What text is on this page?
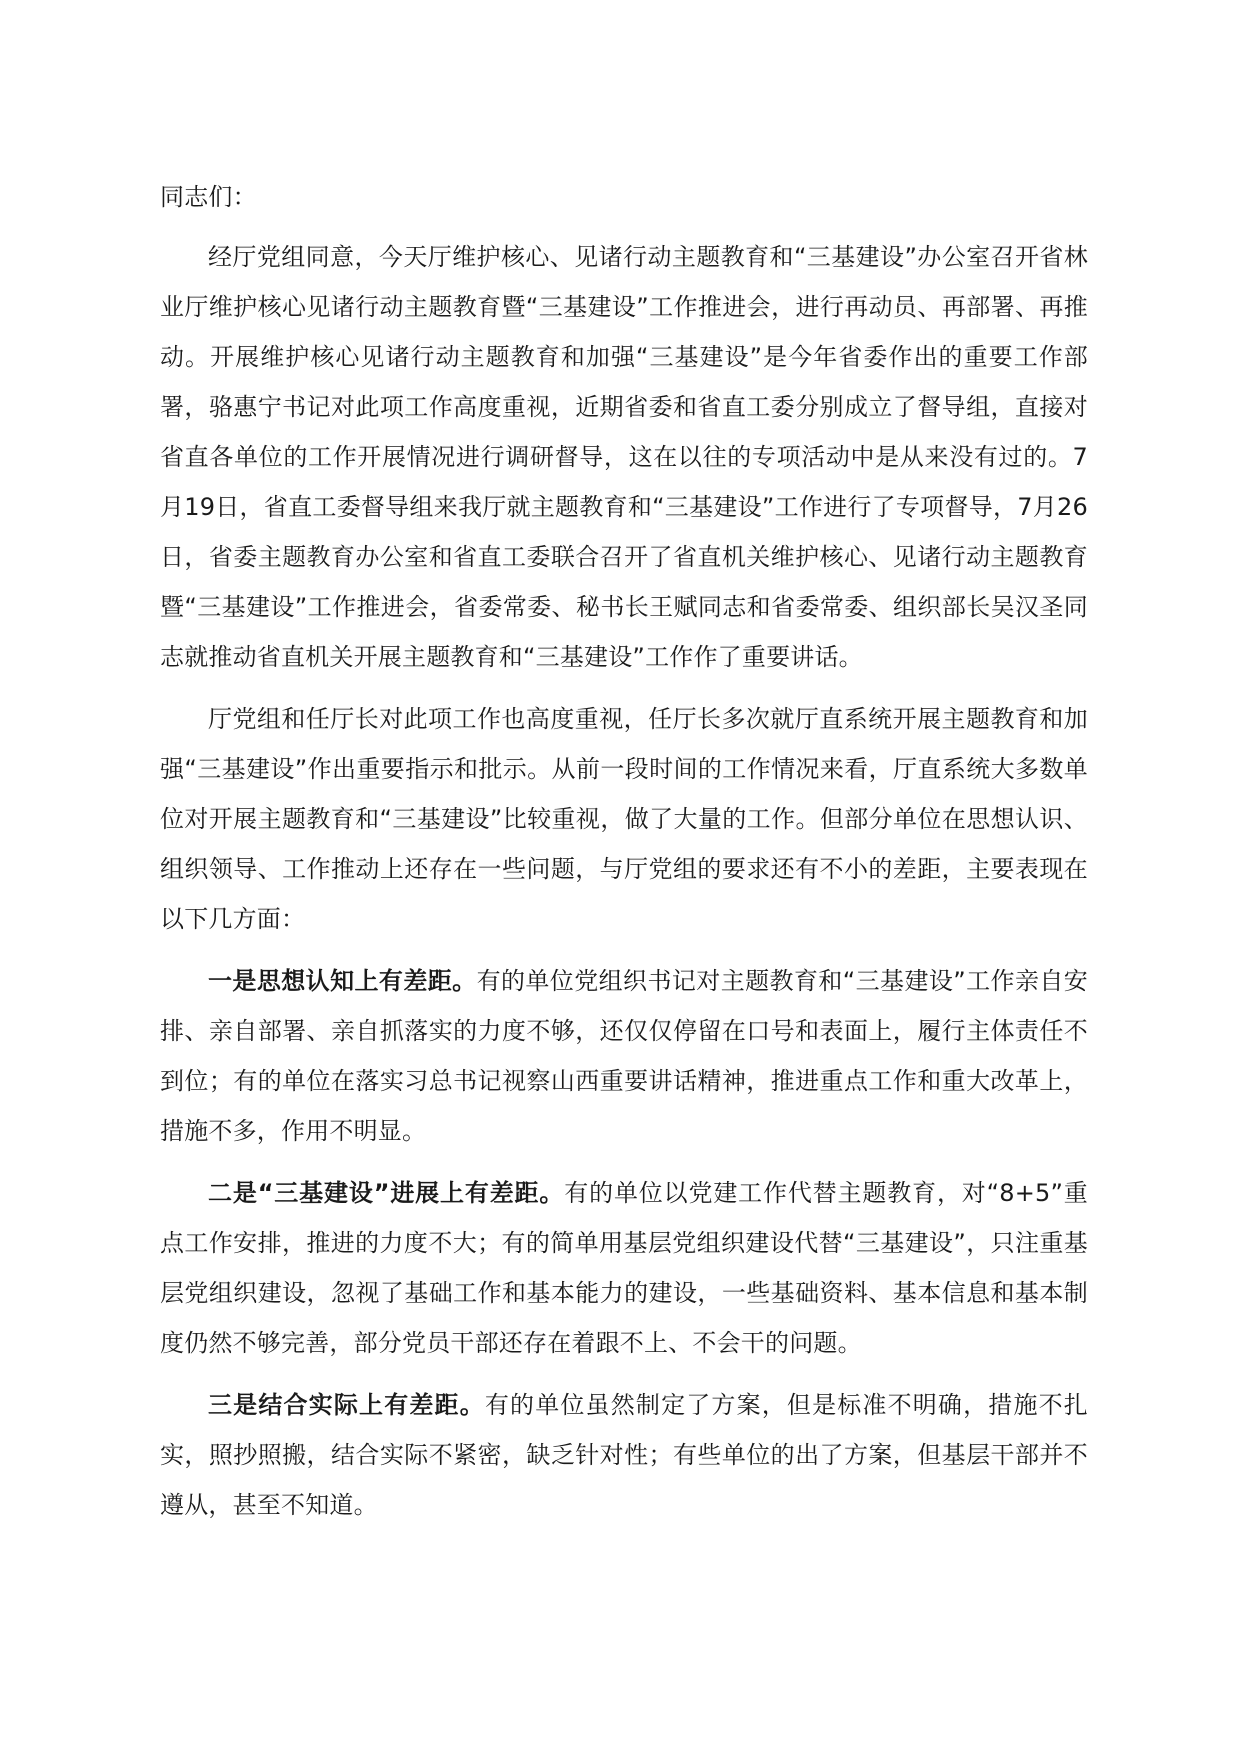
同志们：

经厅党组同意，今天厅维护核心、见诸行动主题教育和“三基建设”办公室召开省林业厅维护核心见诸行动主题教育暨“三基建设”工作推进会，进行再动员、再部署、再推动。开展维护核心见诸行动主题教育和加强“三基建设”是今年省委作出的重要工作部署，骆惠宁书记对此项工作高度重视，近期省委和省直工委分别成立了督导组，直接对省直各单位的工作开展情况进行调研督导，这在以往的专项活动中是从来没有过的。7月19日，省直工委督导组来我厅就主题教育和“三基建设”工作进行了专项督导，7月26日，省委主题教育办公室和省直工委联合召开了省直机关维护核心、见诸行动主题教育暨“三基建设”工作推进会，省委常委、秘书长王赋同志和省委常委、组织部长吴汉圣同志就推动省直机关开展主题教育和“三基建设”工作作了重要讲话。

厅党组和任厅长对此项工作也高度重视，任厅长多次就厅直系统开展主题教育和加强“三基建设”作出重要指示和批示。从前一段时间的工作情况来看，厅直系统大多数单位对开展主题教育和“三基建设”比较重视，做了大量的工作。但部分单位在思想认识、组织领导、工作推动上还存在一些问题，与厅党组的要求还有不小的差距，主要表现在以下几方面：

一是思想认知上有差距。有的单位党组织书记对主题教育和“三基建设”工作亲自安排、亲自部署、亲自抓落实的力度不够，还仅仅停留在口号和表面上，履行主体责任不到位；有的单位在落实习总书记视察山西重要讲话精神，推进重点工作和重大改革上，措施不多，作用不明显。

二是“三基建设”进展上有差距。有的单位以党建工作代替主题教育，对“8+5”重点工作安排，推进的力度不大；有的简单用基层党组织建设代替“三基建设”，只注重基层党组织建设，忽视了基础工作和基本能力的建设，一些基础资料、基本信息和基本制度仍然不够完善，部分党员干部还存在着跟不上、不会干的问题。

三是结合实际上有差距。有的单位虽然制定了方案，但是标准不明确，措施不扎实，照抄照搬，结合实际不紧密，缺乏针对性；有些单位的出了方案，但基层干部并不遵从，甚至不知道。
